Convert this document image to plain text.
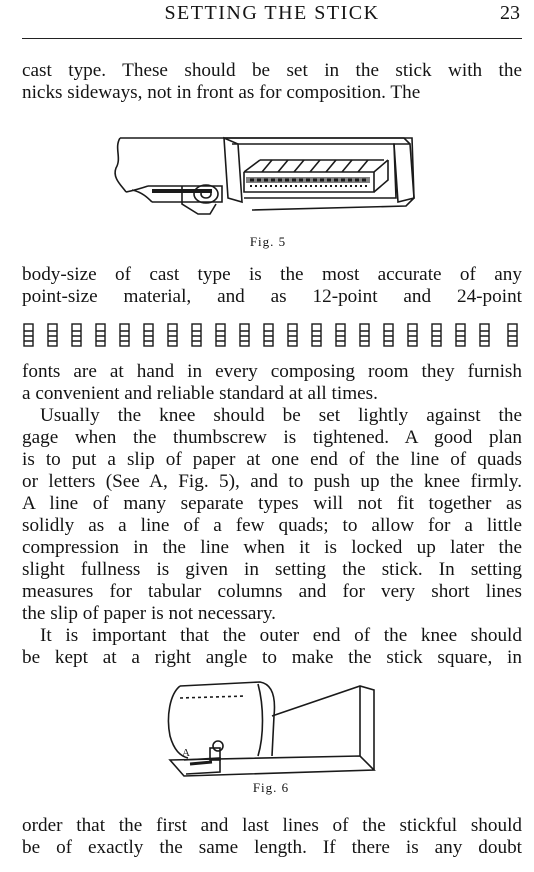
SETTING THE STICK	23
cast type. These should be set in the stick with the
nicks sideways, not in front as for composition. The
Fig. 5
body-size of cast type is the most accurate of any
point-size material, and as 12-point and 24-point
fonts are at hand in every composing room they furnish
a convenient and reliable standard at all times.
Usually the knee should be set lightly against the
gage when the thumbscrew is tightened. A good plan
is to put a slip of paper at one end of the line of quads
or letters (See A, Fig. 5), and to push up the knee firmly.
A line of many separate types will not fit together as
solidly as a line of a few quads; to allow for a little
compression in the line when it is locked up later the
slight fullness is given in setting the stick. In setting
measures for tabular columns and for very short lines
the slip of paper is not necessary.
It is important that the outer end of the knee should
be kept at a right angle to make the stick square, in
A
Fig. 6
order that the first and last lines of the stickful should
be of exactly the same length. If there is any doubt
